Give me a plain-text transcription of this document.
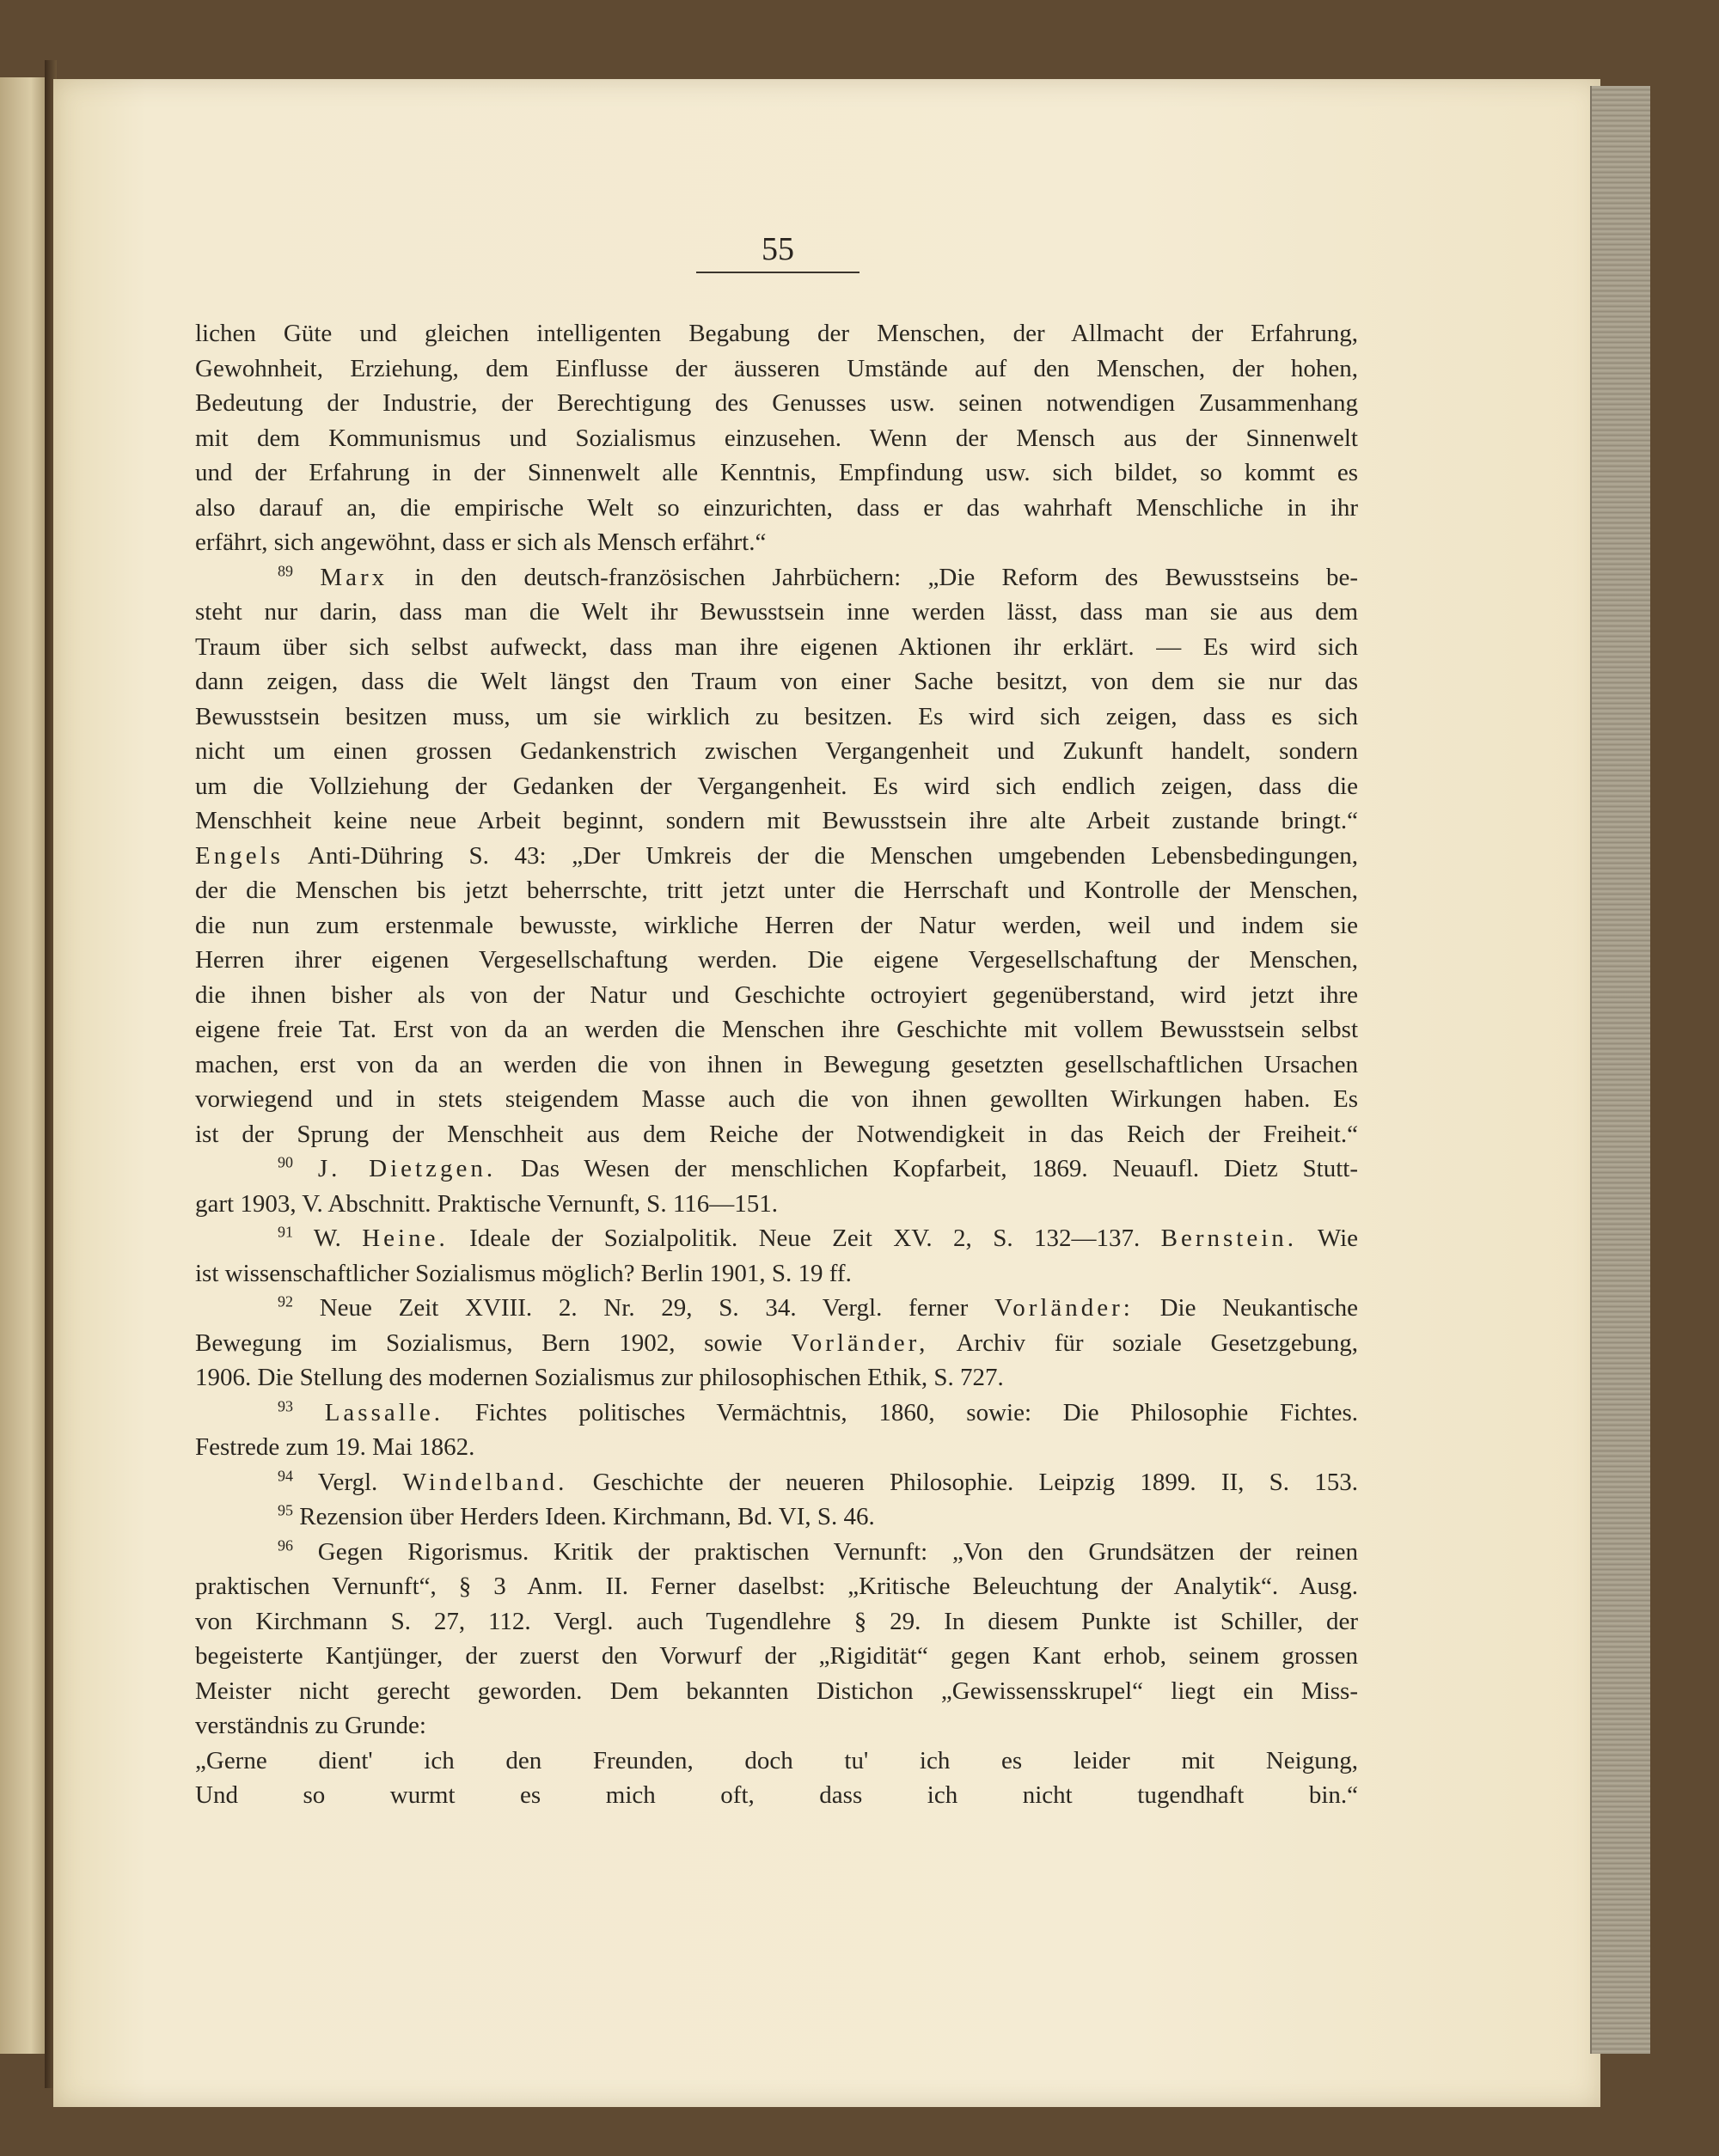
55

lichen Güte und gleichen intelligenten Begabung der Menschen, der Allmacht der Erfahrung,

Gewohnheit, Erziehung, dem Einflusse der äusseren Umstände auf den Menschen, der hohen,

Bedeutung der Industrie, der Berechtigung des Genusses usw. seinen notwendigen Zusammenhang

mit dem Kommunismus und Sozialismus einzusehen. Wenn der Mensch aus der Sinnenwelt

und der Erfahrung in der Sinnenwelt alle Kenntnis, Empfindung usw. sich bildet, so kommt es

also darauf an, die empirische Welt so einzurichten, dass er das wahrhaft Menschliche in ihr

erfährt, sich angewöhnt, dass er sich als Mensch erfährt.“

$^{89}$ Marx in den deutsch-französischen Jahrbüchern: „Die Reform des Bewusstseins be-

steht nur darin, dass man die Welt ihr Bewusstsein inne werden lässt, dass man sie aus dem

Traum über sich selbst aufweckt, dass man ihre eigenen Aktionen ihr erklärt. — Es wird sich

dann zeigen, dass die Welt längst den Traum von einer Sache besitzt, von dem sie nur das

Bewusstsein besitzen muss, um sie wirklich zu besitzen. Es wird sich zeigen, dass es sich

nicht um einen grossen Gedankenstrich zwischen Vergangenheit und Zukunft handelt, sondern

um die Vollziehung der Gedanken der Vergangenheit. Es wird sich endlich zeigen, dass die

Menschheit keine neue Arbeit beginnt, sondern mit Bewusstsein ihre alte Arbeit zustande bringt.“

Engels Anti-Dühring S. 43: „Der Umkreis der die Menschen umgebenden Lebensbedingungen,

der die Menschen bis jetzt beherrschte, tritt jetzt unter die Herrschaft und Kontrolle der Menschen,

die nun zum erstenmale bewusste, wirkliche Herren der Natur werden, weil und indem sie

Herren ihrer eigenen Vergesellschaftung werden. Die eigene Vergesellschaftung der Menschen,

die ihnen bisher als von der Natur und Geschichte octroyiert gegenüberstand, wird jetzt ihre

eigene freie Tat. Erst von da an werden die Menschen ihre Geschichte mit vollem Bewusstsein selbst

machen, erst von da an werden die von ihnen in Bewegung gesetzten gesellschaftlichen Ursachen

vorwiegend und in stets steigendem Masse auch die von ihnen gewollten Wirkungen haben. Es

ist der Sprung der Menschheit aus dem Reiche der Notwendigkeit in das Reich der Freiheit.“

$^{90}$ J. Dietzgen. Das Wesen der menschlichen Kopfarbeit, 1869. Neuaufl. Dietz Stutt-

gart 1903, V. Abschnitt. Praktische Vernunft, S. 116—151.

$^{91}$ W. Heine. Ideale der Sozialpolitik. Neue Zeit XV. 2, S. 132—137. Bernstein. Wie

ist wissenschaftlicher Sozialismus möglich? Berlin 1901, S. 19 ff.

$^{92}$ Neue Zeit XVIII. 2. Nr. 29, S. 34. Vergl. ferner Vorländer: Die Neukantische

Bewegung im Sozialismus, Bern 1902, sowie Vorländer, Archiv für soziale Gesetzgebung,

1906. Die Stellung des modernen Sozialismus zur philosophischen Ethik, S. 727.

$^{93}$ Lassalle. Fichtes politisches Vermächtnis, 1860, sowie: Die Philosophie Fichtes.

Festrede zum 19. Mai 1862.

$^{94}$ Vergl. Windelband. Geschichte der neueren Philosophie. Leipzig 1899. II, S. 153.

$^{95}$ Rezension über Herders Ideen. Kirchmann, Bd. VI, S. 46.

$^{96}$ Gegen Rigorismus. Kritik der praktischen Vernunft: „Von den Grundsätzen der reinen

praktischen Vernunft“, § 3 Anm. II. Ferner daselbst: „Kritische Beleuchtung der Analytik“. Ausg.

von Kirchmann S. 27, 112. Vergl. auch Tugendlehre § 29. In diesem Punkte ist Schiller, der

begeisterte Kantjünger, der zuerst den Vorwurf der „Rigidität“ gegen Kant erhob, seinem grossen

Meister nicht gerecht geworden. Dem bekannten Distichon „Gewissensskrupel“ liegt ein Miss-

verständnis zu Grunde:

„Gerne dient' ich den Freunden, doch tu' ich es leider mit Neigung,

Und so wurmt es mich oft, dass ich nicht tugendhaft bin.“
